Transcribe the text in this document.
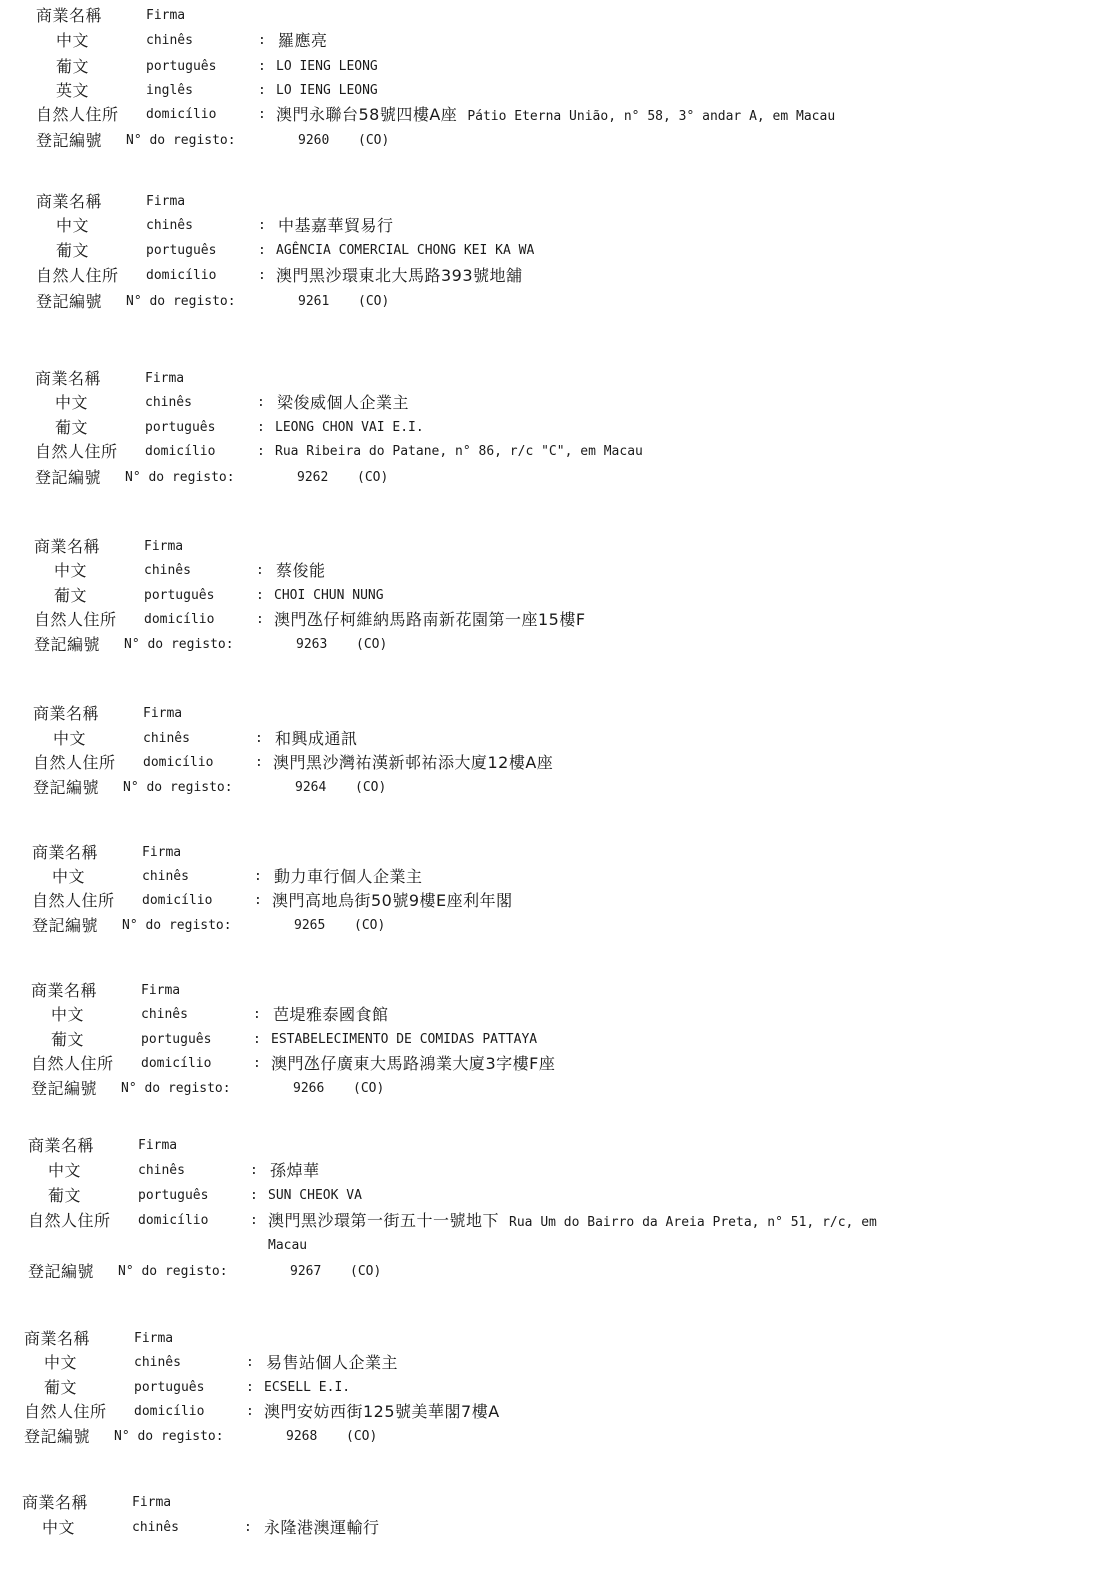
商業名稱	Firma
中文	chinês	: 羅應亮
葡文	português	: LO IENG LEONG
英文	inglês	: LO IENG LEONG
自然人住所 domicílio	: 澳門永聯台58號四樓A座 Pátio Eterna União, n° 58, 3° andar A, em Macau
登記編號 N° do registo:	9260 (CO)
商業名稱	Firma
中文	chinês	: 中基嘉華貿易行
葡文	português	: AGÊNCIA COMERCIAL CHONG KEI KA WA
自然人住所 domicílio	: 澳門黑沙環東北大馬路393號地舖
登記編號 N° do registo:	9261 (CO)
商業名稱	Firma
中文	chinês	: 梁俊威個人企業主
葡文	português	: LEONG CHON VAI E.I.
自然人住所 domicílio	: Rua Ribeira do Patane, n° 86, r/c "C", em Macau
登記編號 N° do registo:	9262 (CO)
商業名稱	Firma
中文	chinês	: 蔡俊能
葡文	português	: CHOI CHUN NUNG
自然人住所 domicílio	: 澳門氹仔柯維納馬路南新花園第一座15樓F
登記編號 N° do registo:	9263 (CO)
商業名稱	Firma
中文	chinês	: 和興成通訊
自然人住所 domicílio	: 澳門黑沙灣祐漢新邨祐添大廈12樓A座
登記編號 N° do registo:	9264 (CO)
商業名稱	Firma
中文	chinês	: 動力車行個人企業主
自然人住所 domicílio	: 澳門高地烏街50號9樓E座利年閣
登記編號 N° do registo:	9265 (CO)
商業名稱	Firma
中文	chinês	: 芭堤雅泰國食館
葡文	português	: ESTABELECIMENTO DE COMIDAS PATTAYA
自然人住所 domicílio	: 澳門氹仔廣東大馬路鴻業大廈3字樓F座
登記編號 N° do registo:	9266 (CO)
商業名稱	Firma
中文	chinês	: 孫焯華
葡文	português	: SUN CHEOK VA
自然人住所 domicílio	: 澳門黑沙環第一街五十一號地下 Rua Um do Bairro da Areia Preta, n° 51, r/c, em
Macau
登記編號 N° do registo:	9267 (CO)
商業名稱	Firma
中文	chinês	: 易售站個人企業主
葡文	português	: ECSELL E.I.
自然人住所 domicílio	: 澳門安妨西街125號美華閣7樓A
登記編號 N° do registo:	9268 (CO)
商業名稱	Firma
中文	chinês	: 永隆港澳運輸行
